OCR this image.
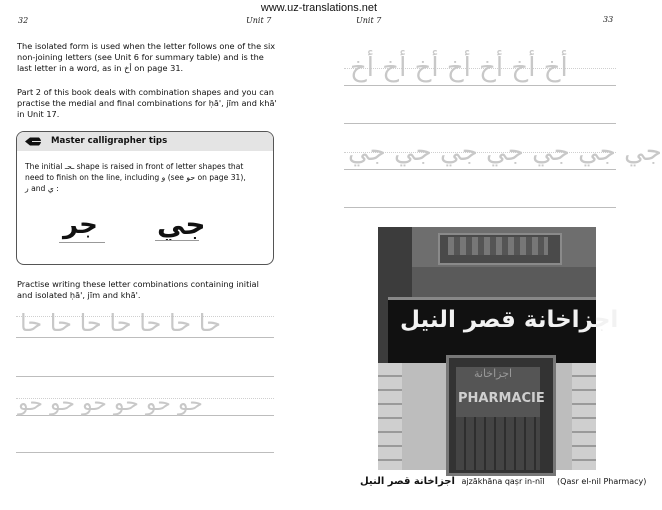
www.uz-translations.net
32	Unit 7
The isolated form is used when the letter follows one of the six
non-joining letters (see Unit 6 for summary table) and is the
last letter in a word, as in أخ on page 31.
Part 2 of this book deals with combination shapes and you can
practise the medial and final combinations for ḥā', jīm and khā'
in Unit 17.
Master calligrapher tips
The initial ـحـ shape is raised in front of letter shapes that
need to finish on the line, including و (see حو on page 31),
ر and ي :
جر جي
Practise writing these letter combinations containing initial
and isolated ḥā', jīm and khā'.
حا حا حا حا حا حا حا
حو حو حو حو حو حو
Unit 7	33
أخ أخ أخ أخ أخ أخ أخ
جي جي جي جي جي جي جي
اجزاخانة قصر النيل
اجزاخانة
PHARMACIE
اجزاخانة قصر النيل ajzākhāna qaṣr in-nīl (Qasr el-nil Pharmacy)
